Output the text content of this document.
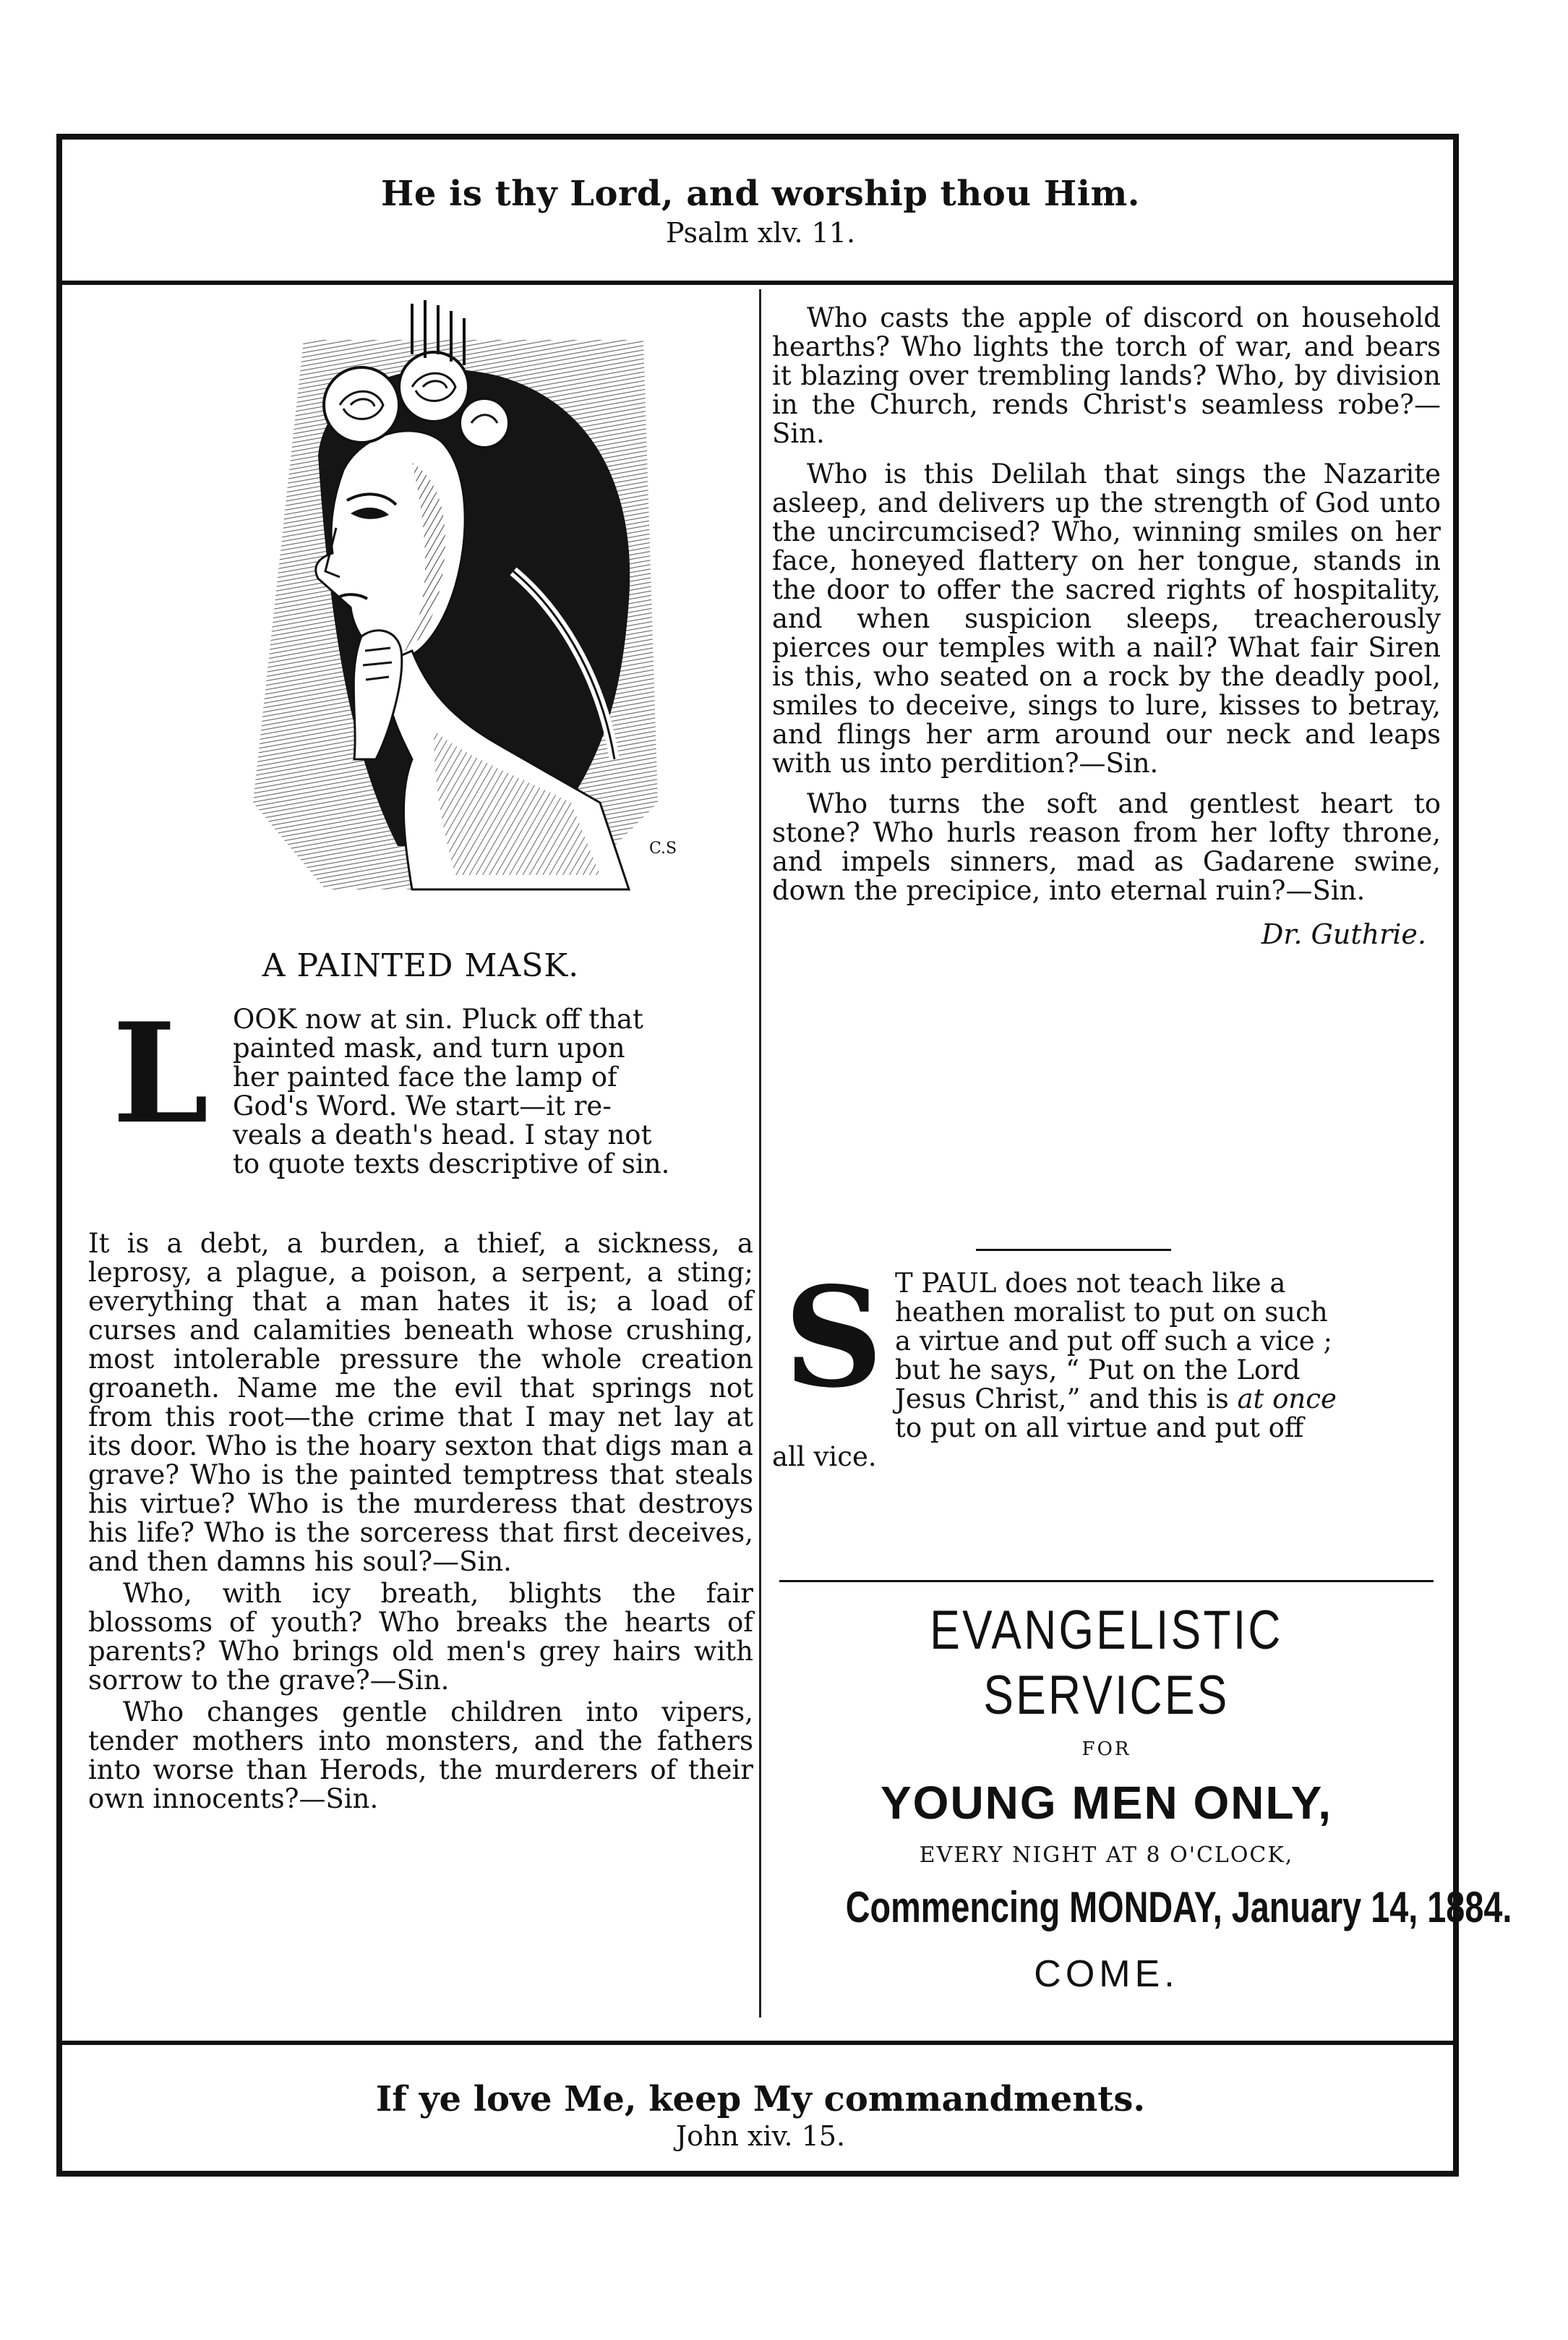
He is thy Lord, and worship thou Him.
Psalm xlv. 11.
C.S
A PAINTED MASK.
L OOK now at sin. Pluck off that
painted mask, and turn upon
her painted face the lamp of
God's Word. We start—it re-
veals a death's head. I stay not
to quote texts descriptive of sin.

It is a debt, a burden, a thief, a sickness, a leprosy, a plague, a poison, a serpent, a sting; everything that a man hates it is; a load of curses and calamities beneath whose crushing, most intolerable pressure the whole creation groaneth. Name me the evil that springs not from this root—the crime that I may net lay at its door. Who is the hoary sexton that digs man a grave? Who is the painted temptress that steals his virtue? Who is the murderess that destroys his life? Who is the sorceress that first deceives, and then damns his soul?—Sin.

Who, with icy breath, blights the fair blossoms of youth? Who breaks the hearts of parents? Who brings old men's grey hairs with sorrow to the grave?—Sin.

Who changes gentle children into vipers, tender mothers into monsters, and the fathers into worse than Herods, the murderers of their own innocents?—Sin.

Who casts the apple of discord on household hearths? Who lights the torch of war, and bears it blazing over trembling lands? Who, by division in the Church, rends Christ's seamless robe?—Sin.

Who is this Delilah that sings the Nazarite asleep, and delivers up the strength of God unto the uncircumcised? Who, winning smiles on her face, honeyed flattery on her tongue, stands in the door to offer the sacred rights of hospitality, and when suspicion sleeps, treacherously pierces our temples with a nail? What fair Siren is this, who seated on a rock by the deadly pool, smiles to deceive, sings to lure, kisses to betray, and flings her arm around our neck and leaps with us into perdition?—Sin.

Who turns the soft and gentlest heart to stone? Who hurls reason from her lofty throne, and impels sinners, mad as Gadarene swine, down the precipice, into eternal ruin?—Sin.

Dr. Guthrie.
S T PAUL does not teach like a
heathen moralist to put on such
a virtue and put off such a vice ;
but he says, “ Put on the Lord
Jesus Christ,” and this is at once
to put on all virtue and put off
all vice.
EVANGELISTIC SERVICES
FOR
YOUNG MEN ONLY,
EVERY NIGHT AT 8 O'CLOCK,
Commencing MONDAY, January 14, 1884.
COME.
If ye love Me, keep My commandments.
John xiv. 15.
